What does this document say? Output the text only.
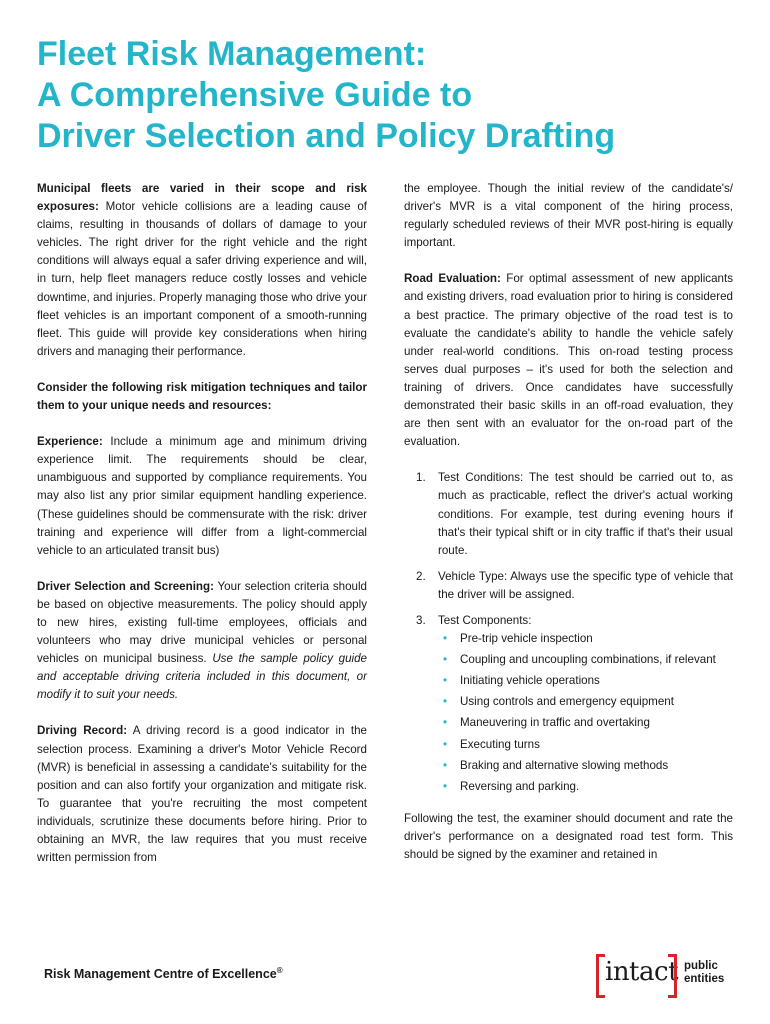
Fleet Risk Management:
A Comprehensive Guide to
Driver Selection and Policy Drafting

Municipal fleets are varied in their scope and risk exposures: Motor vehicle collisions are a leading cause of claims, resulting in thousands of dollars of damage to your vehicles. The right driver for the right vehicle and the right conditions will always equal a safer driving experience and will, in turn, help fleet managers reduce costly losses and vehicle downtime, and injuries. Properly managing those who drive your fleet vehicles is an important component of a smooth-running fleet. This guide will provide key considerations when hiring drivers and managing their performance.

Consider the following risk mitigation techniques and tailor them to your unique needs and resources:

Experience: Include a minimum age and minimum driving experience limit. The requirements should be clear, unambiguous and supported by compliance requirements. You may also list any prior similar equipment handling experience. (These guidelines should be commensurate with the risk: driver training and experience will differ from a light-commercial vehicle to an articulated transit bus)

Driver Selection and Screening: Your selection criteria should be based on objective measurements. The policy should apply to new hires, existing full-time employees, officials and volunteers who may drive municipal vehicles or personal vehicles on municipal business. Use the sample policy guide and acceptable driving criteria included in this document, or modify it to suit your needs.

Driving Record: A driving record is a good indicator in the selection process. Examining a driver's Motor Vehicle Record (MVR) is beneficial in assessing a candidate's suitability for the position and can also fortify your organization and mitigate risk. To guarantee that you're recruiting the most competent individuals, scrutinize these documents before hiring. Prior to obtaining an MVR, the law requires that you must receive written permission from

the employee. Though the initial review of the candidate's/ driver's MVR is a vital component of the hiring process, regularly scheduled reviews of their MVR post-hiring is equally important.

Road Evaluation: For optimal assessment of new applicants and existing drivers, road evaluation prior to hiring is considered a best practice. The primary objective of the road test is to evaluate the candidate's ability to handle the vehicle safely under real-world conditions. This on-road testing process serves dual purposes – it's used for both the selection and training of drivers. Once candidates have successfully demonstrated their basic skills in an off-road evaluation, they are then sent with an evaluator for the on-road part of the evaluation.

1. Test Conditions: The test should be carried out to, as much as practicable, reflect the driver's actual working conditions. For example, test during evening hours if that's their typical shift or in city traffic if that's their usual route.
2. Vehicle Type: Always use the specific type of vehicle that the driver will be assigned.
3. Test Components:
• Pre-trip vehicle inspection
• Coupling and uncoupling combinations, if relevant
• Initiating vehicle operations
• Using controls and emergency equipment
• Maneuvering in traffic and overtaking
• Executing turns
• Braking and alternative slowing methods
• Reversing and parking.

Following the test, the examiner should document and rate the driver's performance on a designated road test form. This should be signed by the examiner and retained in

Risk Management Centre of Excellence®	intact public
entities
